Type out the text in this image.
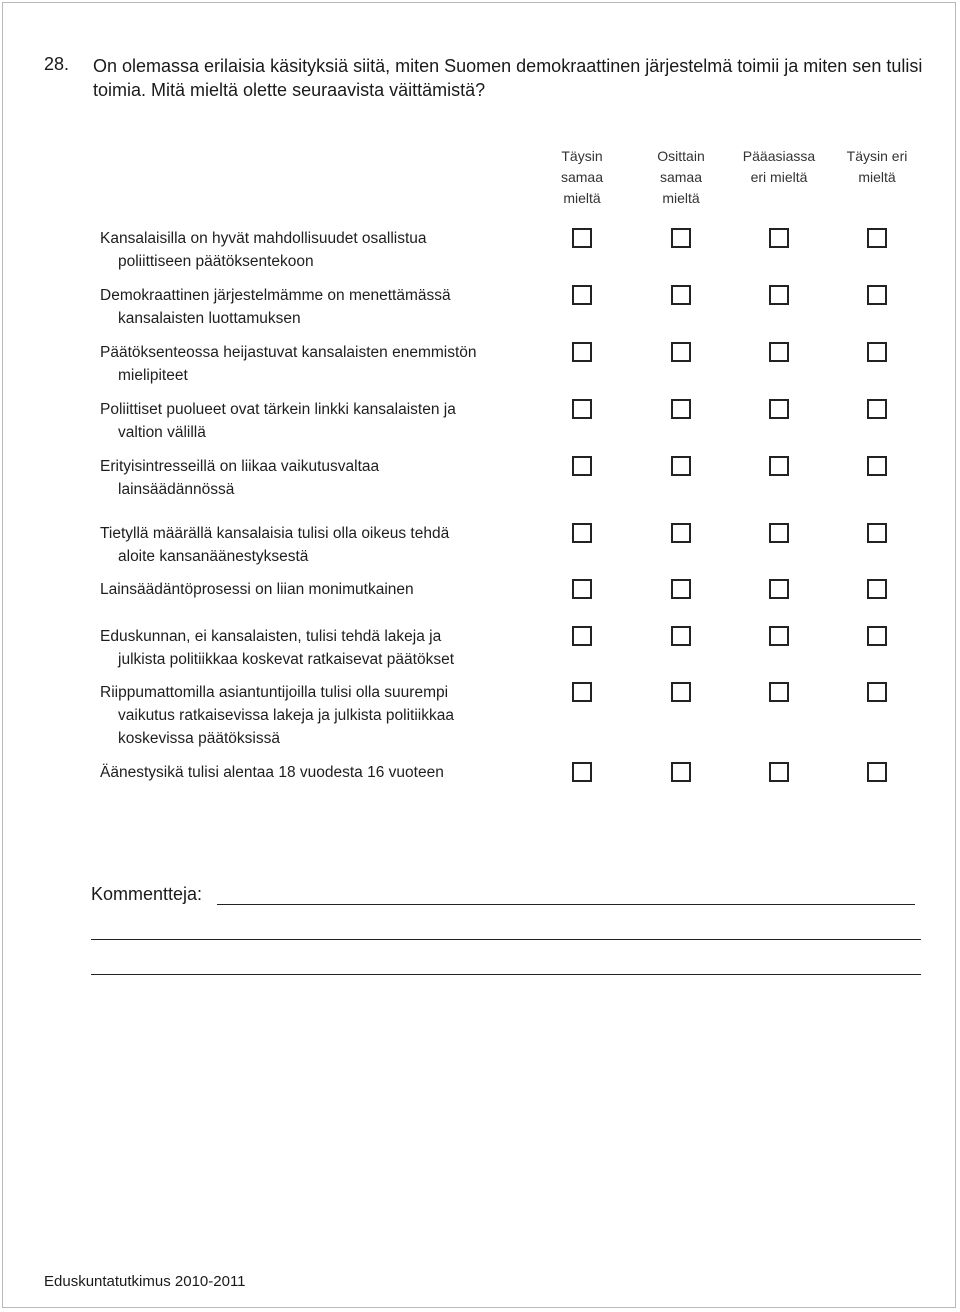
28. On olemassa erilaisia käsityksiä siitä, miten Suomen demokraattinen järjestelmä toimii ja miten sen tulisi toimia. Mitä mieltä olette seuraavista väittämistä?
Täysin
samaa
mieltä
Osittain
samaa
mieltä
Pääasiassa
eri mieltä
Täysin eri
mieltä
Kansalaisilla on hyvät mahdollisuudet osallistua
poliittiseen päätöksentekoon
Demokraattinen järjestelmämme on menettämässä
kansalaisten luottamuksen
Päätöksenteossa heijastuvat kansalaisten enemmistön
mielipiteet
Poliittiset puolueet ovat tärkein linkki kansalaisten ja
valtion välillä
Erityisintresseillä on liikaa vaikutusvaltaa
lainsäädännössä
Tietyllä määrällä kansalaisia tulisi olla oikeus tehdä
aloite kansanäänestyksestä
Lainsäädäntöprosessi on liian monimutkainen
Eduskunnan, ei kansalaisten, tulisi tehdä lakeja ja
julkista politiikkaa koskevat ratkaisevat päätökset
Riippumattomilla asiantuntijoilla tulisi olla suurempi
vaikutus ratkaisevissa lakeja ja julkista politiikkaa
koskevissa päätöksissä
Äänestysikä tulisi alentaa 18 vuodesta 16 vuoteen
Kommentteja:
Eduskuntatutkimus 2010-2011
